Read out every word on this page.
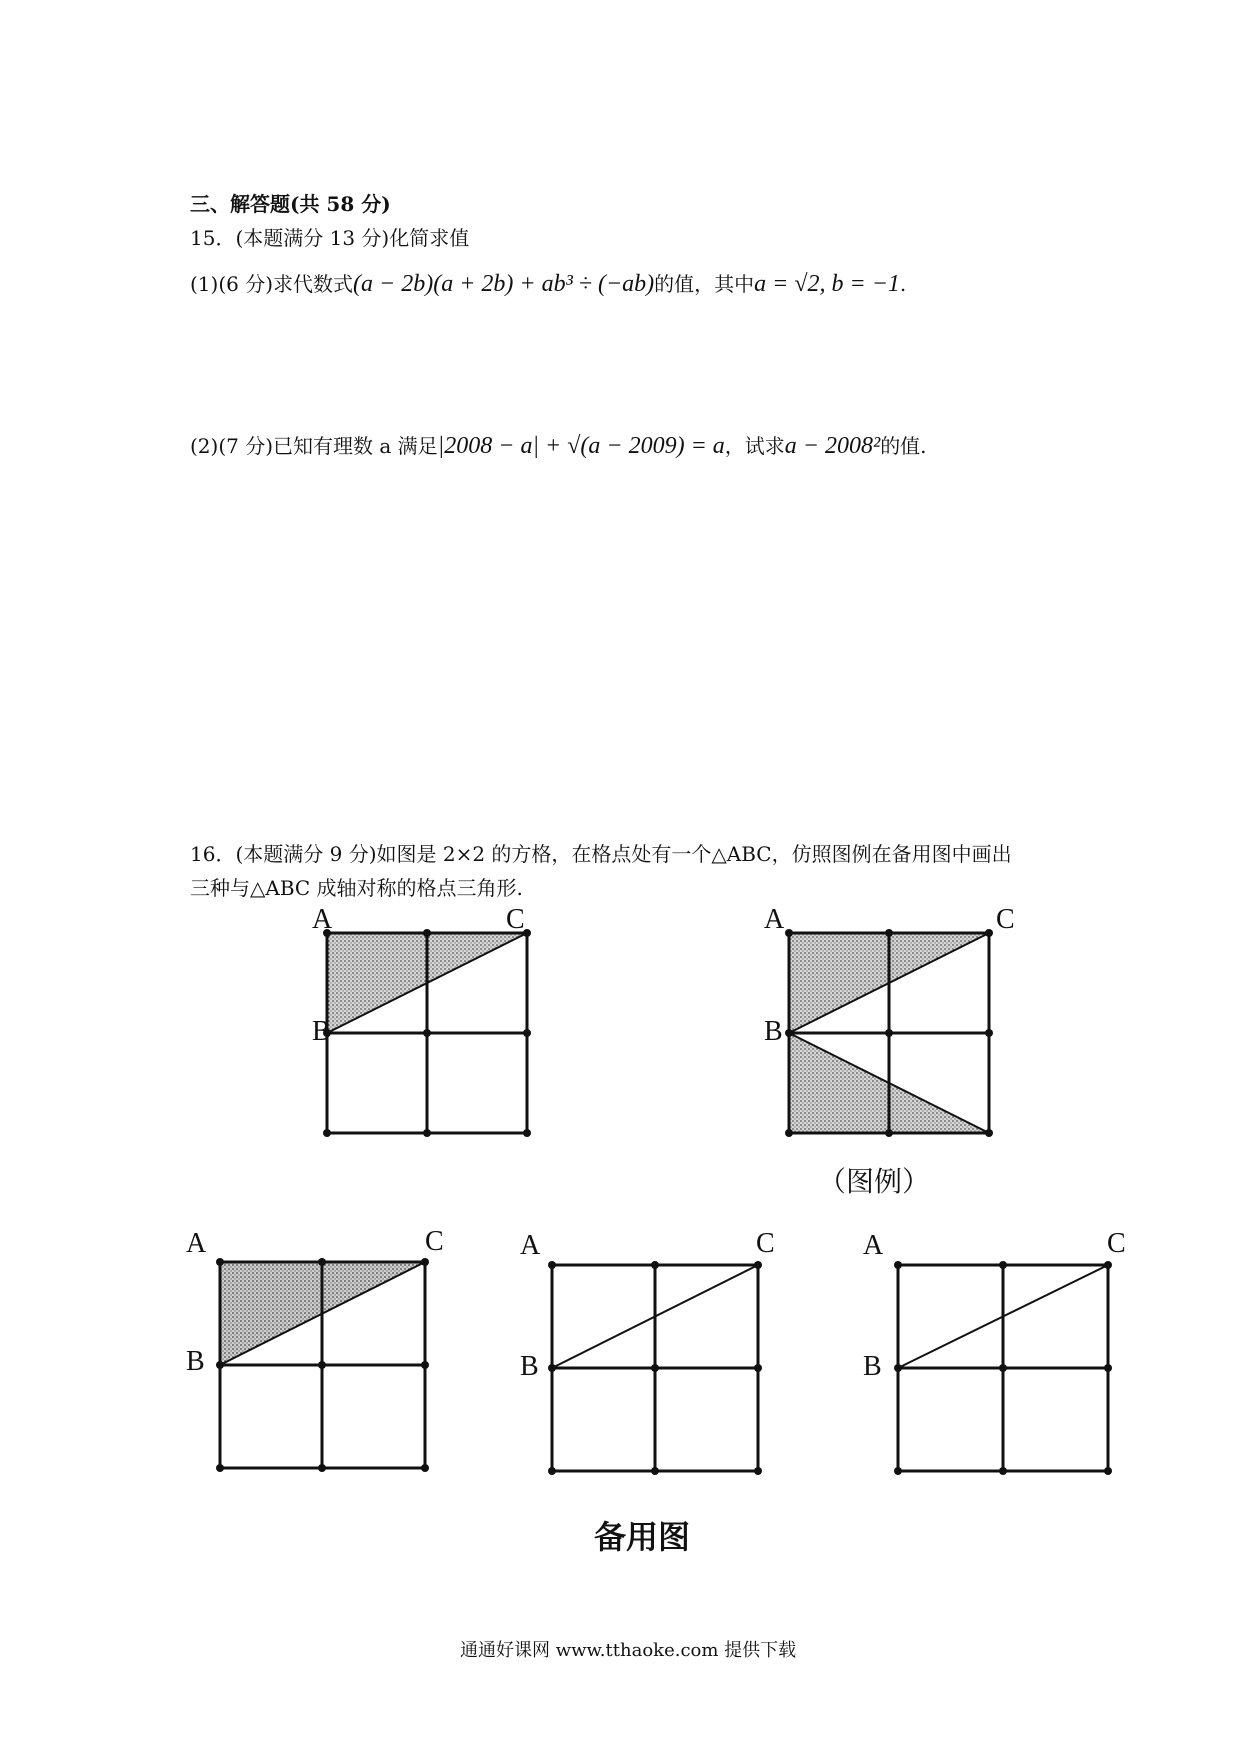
三、解答题(共 58 分)
15．(本题满分 13 分)化简求值
(1)(6 分)求代数式(a − 2b)(a + 2b) + ab³ ÷ (−ab)的值，其中a = √2, b = −1.
(2)(7 分)已知有理数 a 满足|2008 − a| + √(a − 2009) = a，试求a − 2008²的值.
16．(本题满分 9 分)如图是 2×2 的方格，在格点处有一个△ABC，仿照图例在备用图中画出
三种与△ABC 成轴对称的格点三角形.
A
B
C	A
B
C
（图例）
A
B
C	A
B
C	A
B
C
备用图
通通好课网 www.tthaoke.com 提供下载
